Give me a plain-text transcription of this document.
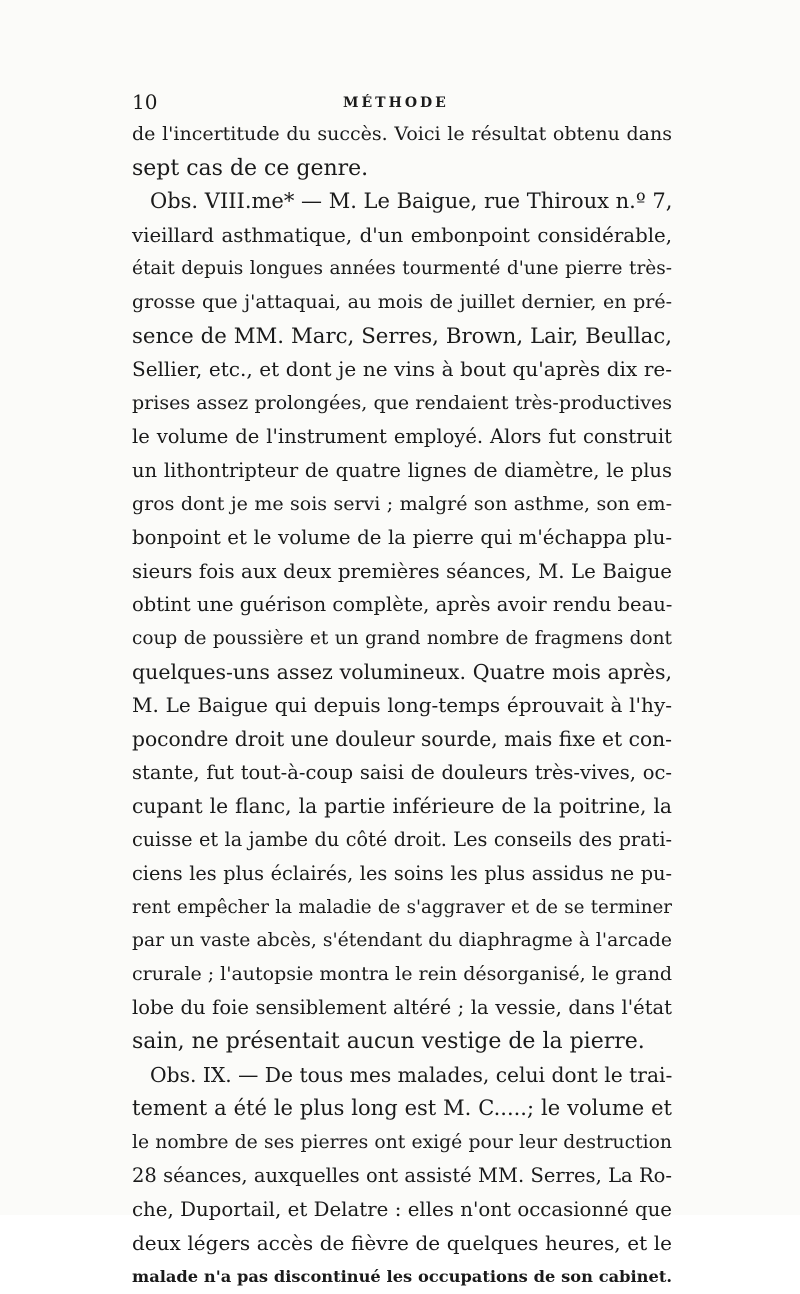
10	MÉTHODE
de l'incertitude du succès. Voici le résultat obtenu dans
sept cas de ce genre.
Obs. VIII.me* — M. Le Baigue, rue Thiroux n.º 7,
vieillard asthmatique, d'un embonpoint considérable,
était depuis longues années tourmenté d'une pierre très-
grosse que j'attaquai, au mois de juillet dernier, en pré-
sence de MM. Marc, Serres, Brown, Lair, Beullac,
Sellier, etc., et dont je ne vins à bout qu'après dix re-
prises assez prolongées, que rendaient très-productives
le volume de l'instrument employé. Alors fut construit
un lithontripteur de quatre lignes de diamètre, le plus
gros dont je me sois servi ; malgré son asthme, son em-
bonpoint et le volume de la pierre qui m'échappa plu-
sieurs fois aux deux premières séances, M. Le Baigue
obtint une guérison complète, après avoir rendu beau-
coup de poussière et un grand nombre de fragmens dont
quelques-uns assez volumineux. Quatre mois après,
M. Le Baigue qui depuis long-temps éprouvait à l'hy-
pocondre droit une douleur sourde, mais fixe et con-
stante, fut tout-à-coup saisi de douleurs très-vives, oc-
cupant le flanc, la partie inférieure de la poitrine, la
cuisse et la jambe du côté droit. Les conseils des prati-
ciens les plus éclairés, les soins les plus assidus ne pu-
rent empêcher la maladie de s'aggraver et de se terminer
par un vaste abcès, s'étendant du diaphragme à l'arcade
crurale ; l'autopsie montra le rein désorganisé, le grand
lobe du foie sensiblement altéré ; la vessie, dans l'état
sain, ne présentait aucun vestige de la pierre.
Obs. IX. — De tous mes malades, celui dont le trai-
tement a été le plus long est M. C.....; le volume et
le nombre de ses pierres ont exigé pour leur destruction
28 séances, auxquelles ont assisté MM. Serres, La Ro-
che, Duportail, et Delatre : elles n'ont occasionné que
deux légers accès de fièvre de quelques heures, et le
malade n'a pas discontinué les occupations de son cabinet.
